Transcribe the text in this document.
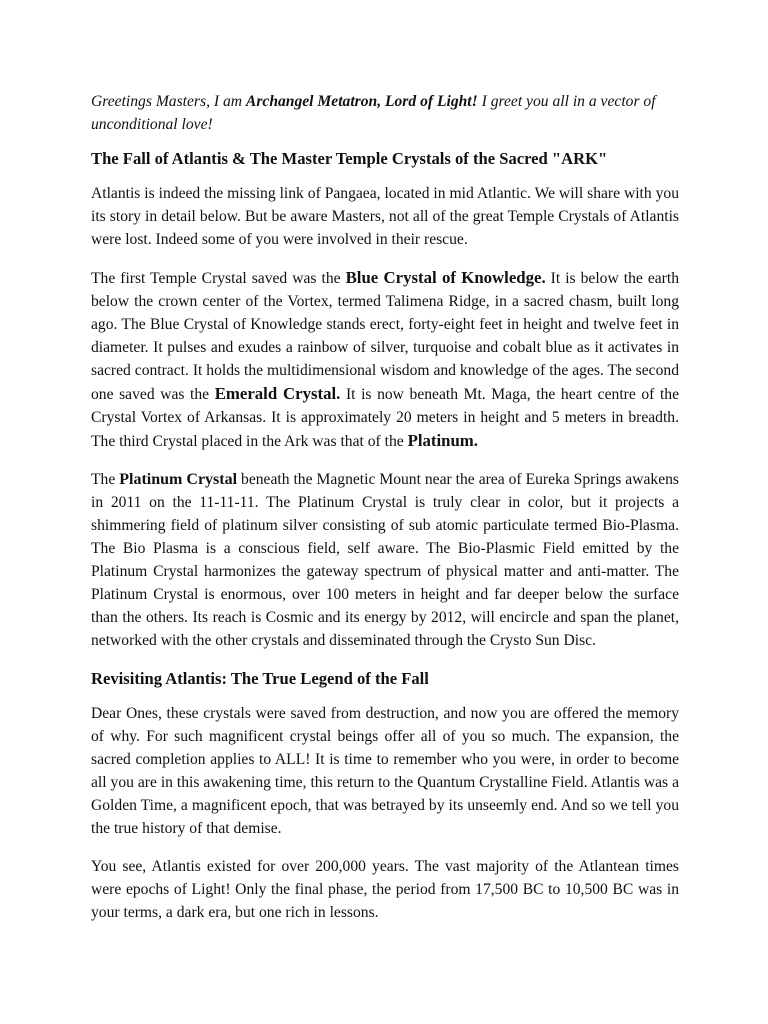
Greetings Masters, I am Archangel Metatron, Lord of Light! I greet you all in a vector of unconditional love!

The Fall of Atlantis & The Master Temple Crystals of the Sacred "ARK"

Atlantis is indeed the missing link of Pangaea, located in mid Atlantic. We will share with you its story in detail below. But be aware Masters, not all of the great Temple Crystals of Atlantis were lost. Indeed some of you were involved in their rescue.

The first Temple Crystal saved was the Blue Crystal of Knowledge. It is below the earth below the crown center of the Vortex, termed Talimena Ridge, in a sacred chasm, built long ago. The Blue Crystal of Knowledge stands erect, forty-eight feet in height and twelve feet in diameter. It pulses and exudes a rainbow of silver, turquoise and cobalt blue as it activates in sacred contract. It holds the multidimensional wisdom and knowledge of the ages. The second one saved was the Emerald Crystal. It is now beneath Mt. Maga, the heart centre of the Crystal Vortex of Arkansas. It is approximately 20 meters in height and 5 meters in breadth. The third Crystal placed in the Ark was that of the Platinum.

The Platinum Crystal beneath the Magnetic Mount near the area of Eureka Springs awakens in 2011 on the 11-11-11. The Platinum Crystal is truly clear in color, but it projects a shimmering field of platinum silver consisting of sub atomic particulate termed Bio-Plasma. The Bio Plasma is a conscious field, self aware. The Bio-Plasmic Field emitted by the Platinum Crystal harmonizes the gateway spectrum of physical matter and anti-matter. The Platinum Crystal is enormous, over 100 meters in height and far deeper below the surface than the others. Its reach is Cosmic and its energy by 2012, will encircle and span the planet, networked with the other crystals and disseminated through the Crysto Sun Disc.

Revisiting Atlantis: The True Legend of the Fall

Dear Ones, these crystals were saved from destruction, and now you are offered the memory of why. For such magnificent crystal beings offer all of you so much. The expansion, the sacred completion applies to ALL! It is time to remember who you were, in order to become all you are in this awakening time, this return to the Quantum Crystalline Field. Atlantis was a Golden Time, a magnificent epoch, that was betrayed by its unseemly end. And so we tell you the true history of that demise.

You see, Atlantis existed for over 200,000 years. The vast majority of the Atlantean times were epochs of Light! Only the final phase, the period from 17,500 BC to 10,500 BC was in your terms, a dark era, but one rich in lessons.
